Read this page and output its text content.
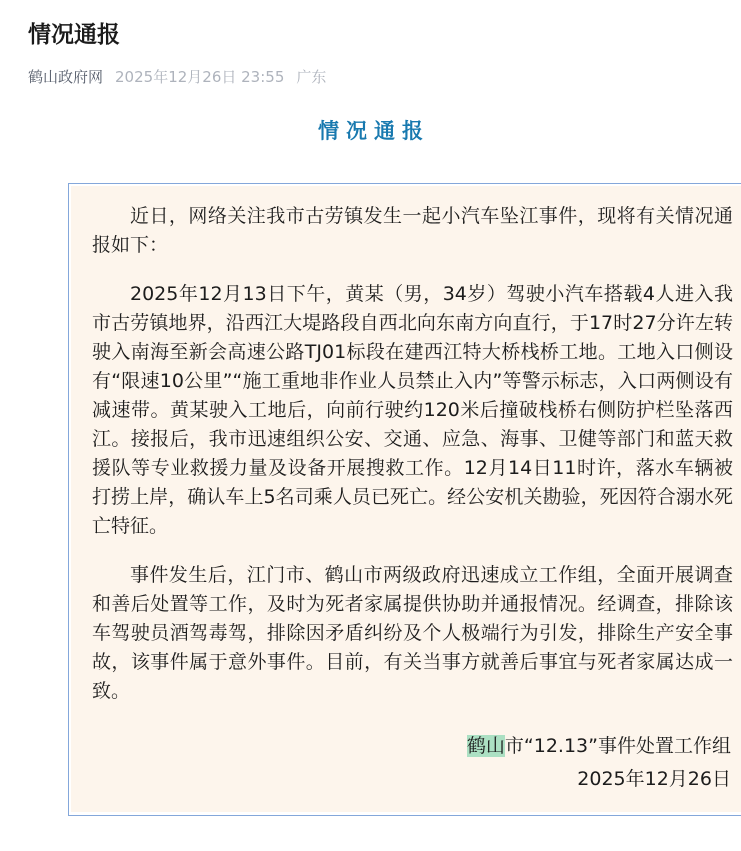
情况通报
鹤山政府网 2025年12月26日 23:55 广东
情况通报

近日，网络关注我市古劳镇发生一起小汽车坠江事件，现将有关情况通报如下：

2025年12月13日下午，黄某（男，34岁）驾驶小汽车搭载4人进入我市古劳镇地界，沿西江大堤路段自西北向东南方向直行，于17时27分许左转驶入南海至新会高速公路TJ01标段在建西江特大桥栈桥工地。工地入口侧设有“限速10公里”“施工重地非作业人员禁止入内”等警示标志，入口两侧设有减速带。黄某驶入工地后，向前行驶约120米后撞破栈桥右侧防护栏坠落西江。接报后，我市迅速组织公安、交通、应急、海事、卫健等部门和蓝天救援队等专业救援力量及设备开展搜救工作。12月14日11时许，落水车辆被打捞上岸，确认车上5名司乘人员已死亡。经公安机关勘验，死因符合溺水死亡特征。

事件发生后，江门市、鹤山市两级政府迅速成立工作组，全面开展调查和善后处置等工作，及时为死者家属提供协助并通报情况。经调查，排除该车驾驶员酒驾毒驾，排除因矛盾纠纷及个人极端行为引发，排除生产安全事故，该事件属于意外事件。目前，有关当事方就善后事宜与死者家属达成一致。

鹤山市“12.13”事件处置工作组
2025年12月26日
